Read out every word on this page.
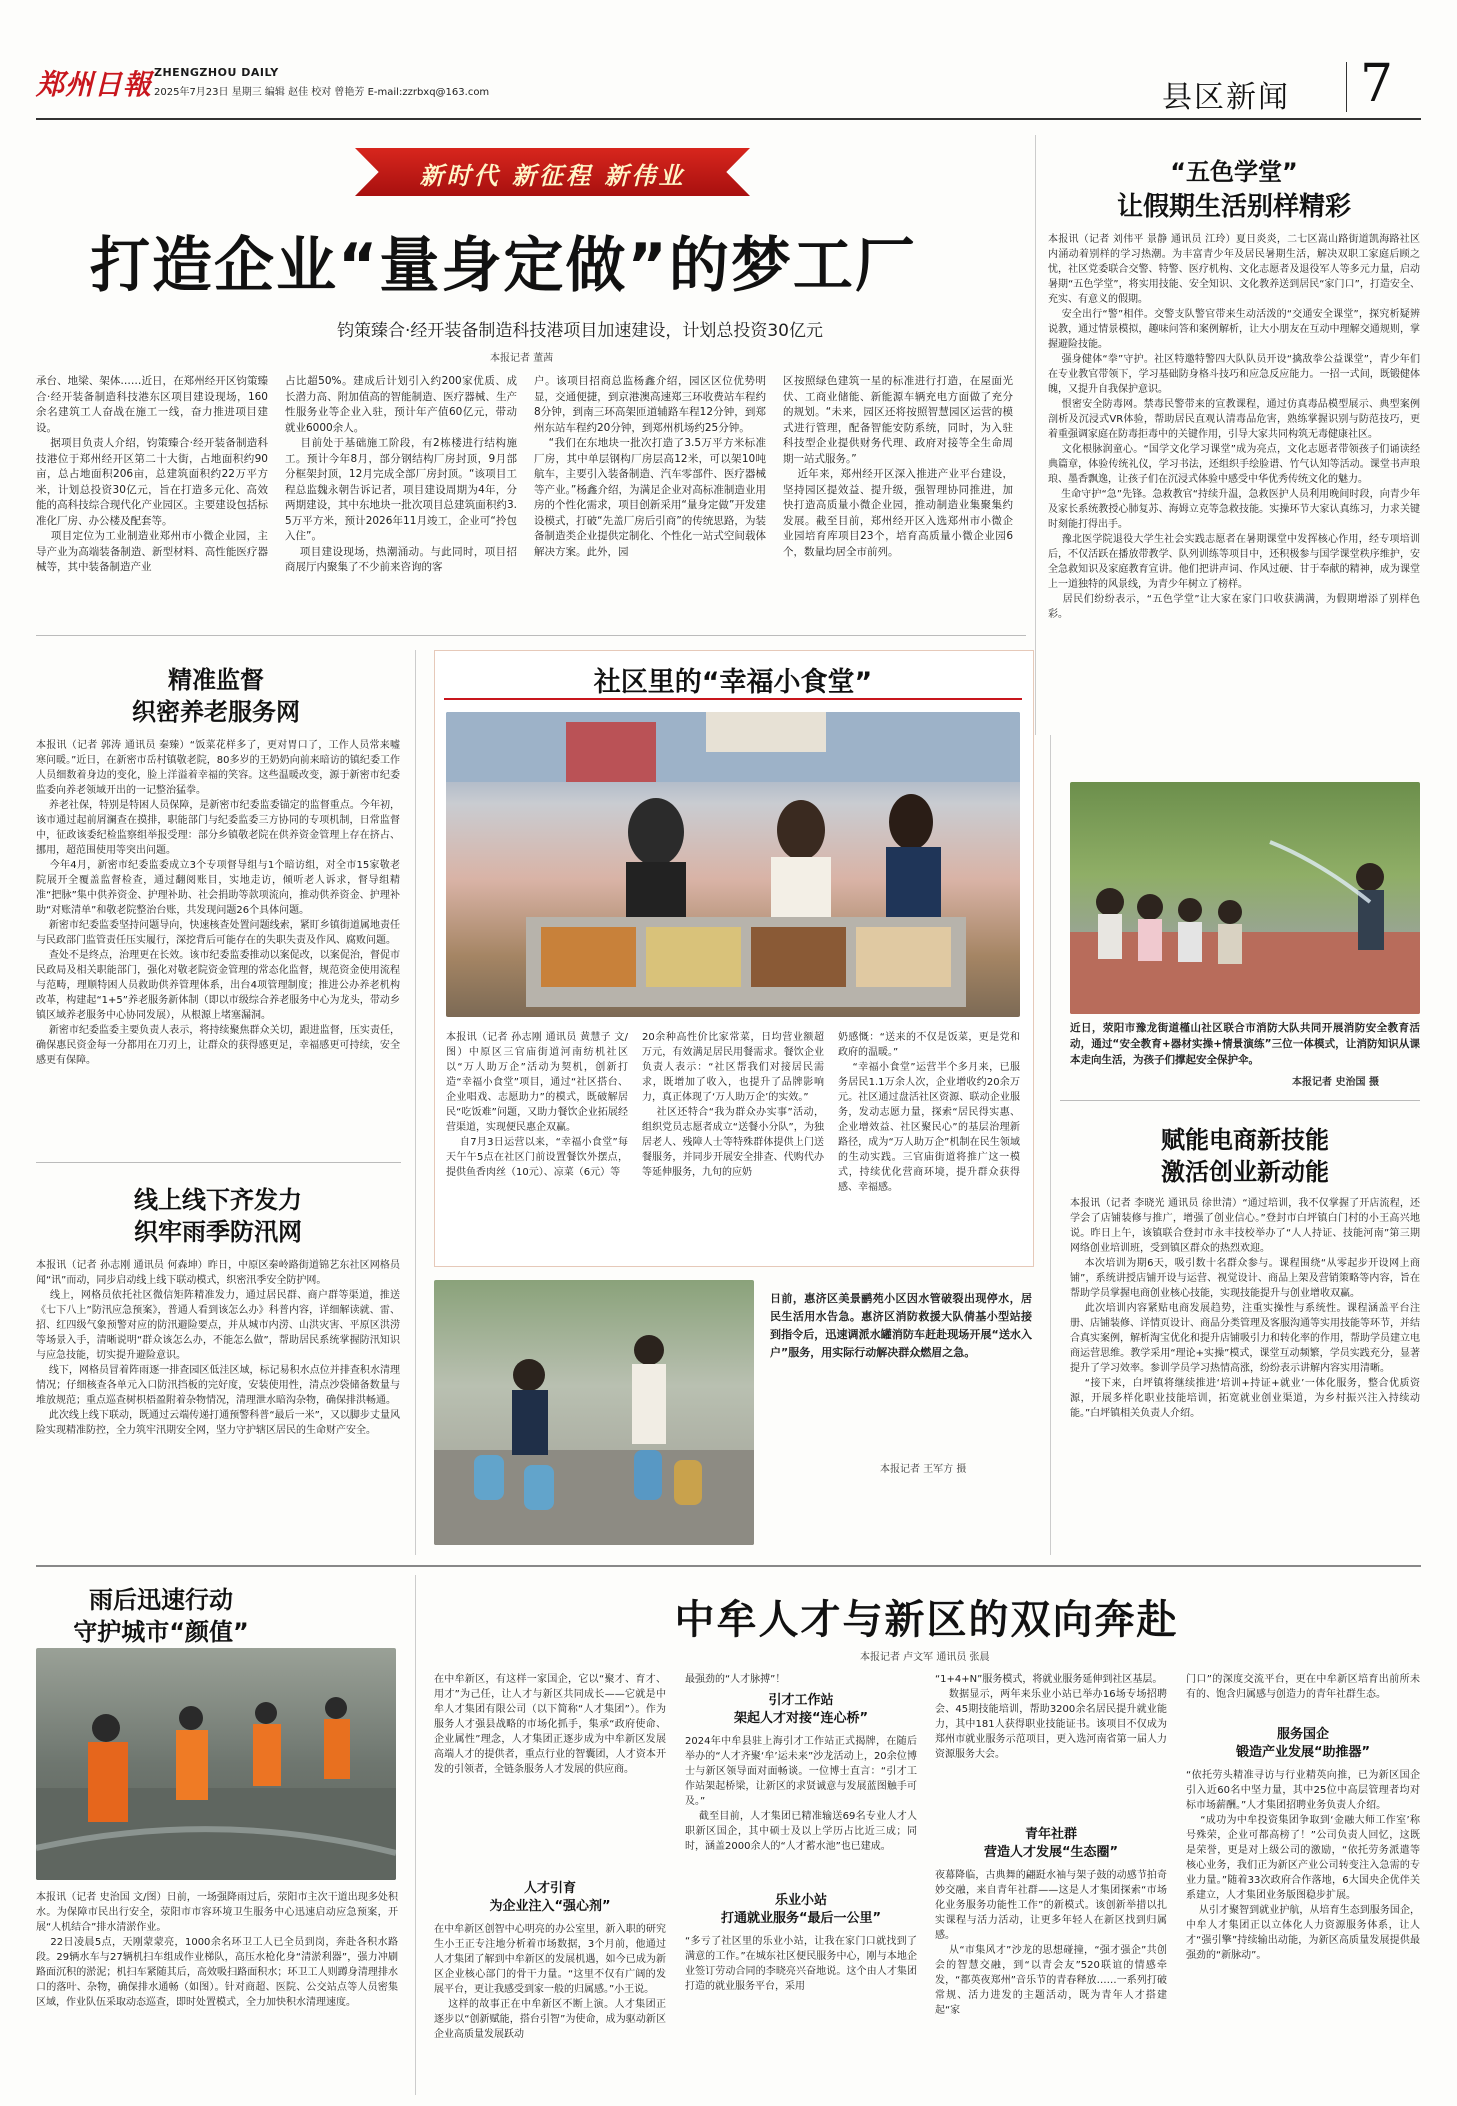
郑州日報 ZHENGZHOU DAILY
2025年7月23日 星期三 编辑 赵佳 校对 曾艳芳 E-mail:zzrbxq@163.com	县区新闻 7
新时代 新征程 新伟业
打造企业“量身定做”的梦工厂
钧策臻合·经开装备制造科技港项目加速建设，计划总投资30亿元
本报记者 董茜
承台、地梁、架体……近日，在郑州经开区钧策臻合·经开装备制造科技港东区项目建设现场，160余名建筑工人奋战在施工一线，奋力推进项目建设。
据项目负责人介绍，钧策臻合·经开装备制造科技港位于郑州经开区第二十大街，占地面积约90亩，总占地面积206亩，总建筑面积约22万平方米，计划总投资30亿元，旨在打造多元化、高效能的高科技综合现代化产业园区。主要建设包括标准化厂房、办公楼及配套等。
项目定位为工业制造业郑州市小微企业园，主导产业为高端装备制造、新型材料、高性能医疗器械等，其中装备制造产业
占比超50%。建成后计划引入约200家优质、成长潜力高、附加值高的智能制造、医疗器械、生产性服务业等企业入驻，预计年产值60亿元，带动就业6000余人。
目前处于基础施工阶段，有2栋楼进行结构施工。预计今年8月，部分钢结构厂房封顶，9月部分框架封顶，12月完成全部厂房封顶。“该项目工程总监魏永朝告诉记者，项目建设周期为4年，分两期建设，其中东地块一批次项目总建筑面积约3.5万平方米，预计2026年11月竣工，企业可“拎包入住”。
项目建设现场，热潮涌动。与此同时，项目招商展厅内聚集了不少前来咨询的客
户。该项目招商总监杨鑫介绍，园区区位优势明显，交通便捷，到京港澳高速郑三环收费站车程约8分钟，到南三环高架匝道辅路车程12分钟，到郑州东站车程约20分钟，到郑州机场约25分钟。
“我们在东地块一批次打造了3.5万平方米标准厂房，其中单层钢构厂房层高12米，可以架10吨航车，主要引入装备制造、汽车零部件、医疗器械等产业。”杨鑫介绍，为满足企业对高标准制造业用房的个性化需求，项目创新采用“量身定做”开发建设模式，打破“先盖厂房后引商”的传统思路，为装备制造类企业提供定制化、个性化一站式空间载体解决方案。此外，园
区按照绿色建筑一星的标准进行打造，在屋面光伏、工商业储能、新能源车辆充电方面做了充分的规划。“未来，园区还将按照智慧园区运营的模式进行管理，配备智能安防系统，同时，为入驻科技型企业提供财务代理、政府对接等全生命周期一站式服务。”
近年来，郑州经开区深入推进产业平台建设，坚持园区提效益、提升级，强智理协同推进，加快打造高质量小微企业园，推动制造业集聚集约发展。截至目前，郑州经开区入选郑州市小微企业园培育库项目23个，培育高质量小微企业园6个，数量均居全市前列。
“五色学堂”
让假期生活别样精彩
本报讯（记者 刘伟平 景静 通讯员 江玲）夏日炎炎，二七区嵩山路街道凯海路社区内涌动着别样的学习热潮。为丰富青少年及居民暑期生活，解决双职工家庭后顾之忧，社区党委联合交警、特警、医疗机构、文化志愿者及退役军人等多元力量，启动暑期“五色学堂”，将实用技能、安全知识、文化教养送到居民“家门口”，打造安全、充实、有意义的假期。
安全出行“警”相伴。交警支队警官带来生动活泼的“交通安全课堂”，探究析疑辨说教，通过情景模拟，趣味问答和案例解析，让大小朋友在互动中理解交通规则，掌握避险技能。
强身健体“拳”守护。社区特邀特警四大队队员开设“擒敌拳公益课堂”，青少年们在专业教官带领下，学习基础防身格斗技巧和应急反应能力。一招一式间，既锻健体魄，又提升自我保护意识。
恨密安全防毒网。禁毒民警带来的宣教课程，通过仿真毒品模型展示、典型案例剖析及沉浸式VR体验，帮助居民直观认清毒品危害，熟练掌握识别与防范技巧，更着重强调家庭在防毒拒毒中的关键作用，引导大家共同构筑无毒健康社区。
文化根脉润童心。“国学文化学习课堂”成为亮点，文化志愿者带领孩子们诵读经典篇章，体验传统礼仪，学习书法，还组织手绘脸谱、竹气认知等活动。课堂书声琅琅、墨香飘逸，让孩子们在沉浸式体验中感受中华优秀传统文化的魅力。
生命守护“急”先锋。急救教官“持续升温，急救医护人员利用晚间时段，向青少年及家长系统教授心肺复苏、海姆立克等急救技能。实操环节大家认真练习，力求关键时刻能打得出手。
豫北医学院退役大学生社会实践志愿者在暑期课堂中发挥核心作用，经专项培训后，不仅活跃在播放带教学、队列训练等项目中，还积极参与国学课堂秩序维护，安全急救知识及家庭教育宣讲。他们把讲声词、作风过硬、甘于奉献的精神，成为课堂上一道独特的风景线，为青少年树立了榜样。
居民们纷纷表示，“五色学堂”让大家在家门口收获满满，为假期增添了别样色彩。
精准监督
织密养老服务网
本报讯（记者 郭涛 通讯员 秦臻）“饭菜花样多了，更对胃口了，工作人员常来嘘寒问暖。”近日，在新密市岳村镇敬老院，80多岁的王奶奶向前来暗访的镇纪委工作人员细数着身边的变化，脸上洋溢着幸福的笑容。这些温暖改变，源于新密市纪委监委向养老领域开出的一记整治猛拳。
养老社保，特别是特困人员保障，是新密市纪委监委锚定的监督重点。今年初，该市通过起前屑澜查在摸排，职能部门与纪委监委三方协同的专项机制，日常监督中，征政该委纪检监察组举报受理：部分乡镇敬老院在供养资金管理上存在挤占、挪用，超范围使用等突出问题。
今年4月，新密市纪委监委成立3个专项督导组与1个暗访组，对全市15家敬老院展开全覆盖监督检查，通过翻阅账目，实地走访，倾听老人诉求，督导组精准“把脉”集中供养资金、护理补助、社会捐助等款项流向，推动供养资金、护理补助“对账清单”和敬老院整治台账，共发现问题26个具体问题。
新密市纪委监委坚持问题导向，快速核查处置问题线索，紧盯乡镇街道属地责任与民政部门监管责任压实履行，深挖背后可能存在的失职失责及作风、腐败问题。
查处不是终点，治理更在长效。该市纪委监委推动以案促改，以案促治，督促市民政局及相关职能部门，强化对敬老院资金管理的常态化监督，规范资金使用流程与范畴，理顺特困人员救助供养管理体系，出台4项管理制度；推进公办养老机构改革，构建起“1+5”养老服务新体制（即以市级综合养老服务中心为龙头，带动乡镇区域养老服务中心协同发展），从根源上堵塞漏洞。
新密市纪委监委主要负责人表示，将持续聚焦群众关切，跟进监督，压实责任，确保惠民资金每一分都用在刀刃上，让群众的获得感更足，幸福感更可持续，安全感更有保障。
社区里的“幸福小食堂”
本报讯（记者 孙志刚 通讯员 黄慧子 文/图）中原区三官庙街道河南纺机社区以“万人助万企”活动为契机，创新打造“幸福小食堂”项目，通过“社区搭台、企业唱戏、志愿助力”的模式，既破解居民“吃饭难”问题，又助力餐饮企业拓展经营渠道，实现便民惠企双赢。
自7月3日运营以来，“幸福小食堂”每天午午5点在社区门前设置餐饮外摆点，提供鱼香肉丝（10元）、凉菜（6元）等
20余种高性价比家常菜，日均营业额超万元，有效满足居民用餐需求。餐饮企业负责人表示：“社区帮我们对接居民需求，既增加了收入，也提升了品牌影响力，真正体现了‘万人助万企’的实效。”
社区还特合“我为群众办实事”活动，组织党员志愿者成立“送餐小分队”，为独居老人、残障人士等特殊群体提供上门送餐服务，并同步开展安全排查、代购代办等延伸服务，九旬的应奶
奶感慨：“送来的不仅是饭菜，更是党和政府的温暖。”
“幸福小食堂”运营半个多月来，已服务居民1.1万余人次，企业增收约20余万元。社区通过盘活社区资源、联动企业服务，发动志愿力量，探索“居民得实惠、企业增效益、社区聚民心”的基层治理新路径，成为“万人助万企”机制在民生领域的生动实践。三官庙街道将推广这一模式，持续优化营商环境，提升群众获得感、幸福感。
近日，荥阳市豫龙街道槿山社区联合市消防大队共同开展消防安全教育活动，通过“安全教育+器材实操+情景演练”三位一体模式，让消防知识从课本走向生活，为孩子们撑起安全保护伞。
本报记者 史治国 摄
赋能电商新技能
激活创业新动能
本报讯（记者 李晓光 通讯员 徐世清）“通过培训，我不仅掌握了开店流程，还学会了店铺装修与推广，增强了创业信心。”登封市白坪镇白门村的小王高兴地说。昨日上午，该镇联合登封市永丰技校举办了“人人持证、技能河南”第三期网络创业培训班，受到镇区群众的热烈欢迎。
本次培训为期6天，吸引数十名群众参与。课程围绕“从零起步开设网上商铺”，系统讲授店铺开设与运营、视觉设计、商品上架及营销策略等内容，旨在帮助学员掌握电商创业核心技能，实现技能提升与创业增收双赢。
此次培训内容紧贴电商发展趋势，注重实操性与系统性。课程涵盖平台注册、店铺装修、详情页设计、商品分类管理及客服沟通等实用技能等环节，并结合真实案例，解析淘宝优化和提升店铺吸引力和转化率的作用，帮助学员建立电商运营思维。教学采用“理论+实操”模式，课堂互动频繁，学员实践充分，显著提升了学习效率。参训学员学习热情高涨，纷纷表示讲解内容实用清晰。
“接下来，白坪镇将继续推进‘培训+持证+就业’一体化服务，整合优质资源，开展多样化职业技能培训，拓宽就业创业渠道，为乡村振兴注入持续动能。”白坪镇相关负责人介绍。
线上线下齐发力
织牢雨季防汛网
本报讯（记者 孙志刚 通讯员 何森坤）昨日，中原区秦岭路街道锦艺东社区网格员闻“讯”而动，同步启动线上线下联动模式，织密汛季安全防护网。
线上，网格员依托社区微信矩阵精准发力，通过居民群、商户群等渠道，推送《七下八上”防汛应急预案》，普通人看到该怎么办》科普内容，详细解读就、雷、招、红四级气象预警对应的防汛避险要点，并从城市内涝、山洪灾害、平原区洪涝等场景入手，清晰说明“群众该怎么办，不能怎么做”，帮助居民系统掌握防汛知识与应急技能，切实提升避险意识。
线下，网格员冒着阵雨逐一排查园区低洼区域，标记易积水点位并排查积水清理情况；仔细核查各单元入口防汛挡板的完好度，安装使用性，清点沙袋储备数量与堆放规范；重点巡查树枳梧盈附着杂物情况，清理泄水暗沟杂物，确保排洪畅通。
此次线上线下联动，既通过云端传递打通预警科普“最后一米”，又以脚步丈量风险实现精准防控，全力筑牢汛期安全网，坚力守护辖区居民的生命财产安全。
日前，惠济区美景鹂苑小区因水管破裂出现停水，居民生活用水告急。惠济区消防救援大队倩基小型站接到指令后，迅速调派水罐消防车赶赴现场开展“送水入户”服务，用实际行动解决群众燃眉之急。
本报记者 王军方 摄
雨后迅速行动
守护城市“颜值”
本报讯（记者 史治国 文/图）日前，一场强降雨过后，荥阳市主次干道出现多处积水。为保障市民出行安全，荥阳市市容环境卫生服务中心迅速启动应急预案，开展“人机结合”排水清淤作业。
22日凌晨5点，天刚蒙蒙亮，1000余名环卫工人已全员到岗，奔赴各积水路段。29辆水车与27辆机扫车组成作业梯队，高压水枪化身“清淤利器”，强力冲刷路面沉积的淤泥；机扫车紧随其后，高效吸扫路面积水；环卫工人则蹲身清理排水口的落叶、杂物，确保排水通畅（如图）。针对商超、医院、公交站点等人员密集区域，作业队伍采取动态巡查，即时处置模式，全力加快积水清理速度。
中牟人才与新区的双向奔赴
本报记者 卢文军 通讯员 张晨
在中牟新区，有这样一家国企，它以“聚才、育才、用才”为己任，让人才与新区共同成长——它就是中牟人才集团有限公司（以下简称“人才集团”）。作为服务人才强县战略的市场化抓手，集承“政府使命、企业属性”理念，人才集团正逐步成为中牟新区发展高端人才的提供者，重点行业的智囊团，人才资本开发的引领者，全链条服务人才发展的供应商。
人才引育
为企业注入“强心剂”
在中牟新区创智中心明亮的办公室里，新入职的研究生小王正专注地分析着市场数据，3个月前，他通过人才集团了解到中牟新区的发展机遇，如今已成为新区企业核心部门的骨干力量。“这里不仅有广阔的发展平台，更让我感受到家一般的归属感。”小王说。
这样的故事正在中牟新区不断上演。人才集团正逐步以“创新赋能，搭台引智”为使命，成为驱动新区企业高质量发展跃动
最强劲的“人才脉搏”！
引才工作站
架起人才对接“连心桥”
2024年中牟县驻上海引才工作站正式揭牌，在随后举办的“人才齐聚‘牟’运未来”沙龙活动上，20余位博士与新区领导面对面畅谈。一位博士直言：“引才工作站架起桥梁，让新区的求贤诚意与发展蓝图触手可及。”
截至目前，人才集团已精准输送69名专业人才人职新区国企，其中硕士及以上学历占比近三成；同时，涵盖2000余人的“人才蓄水池”也已建成。
乐业小站
打通就业服务“最后一公里”
“多亏了社区里的乐业小站，让我在家门口就找到了满意的工作。”在城东社区便民服务中心，刚与本地企业签订劳动合同的李晓亮兴奋地说。这个由人才集团打造的就业服务平台，采用
“1+4+N”服务模式，将就业服务延伸到社区基层。
数据显示，两年来乐业小站已举办16场专场招聘会、45期技能培训，帮助3200余名居民提升就业能力，其中181人获得职业技能证书。该项目不仅成为郑州市就业服务示范项目，更入选河南省第一届人力资源服务大会。
青年社群
营造人才发展“生态圈”
夜幕降临，古典舞的翩跹水袖与架子鼓的动感节拍奇妙交融，来自青年社群——这是人才集团探索“市场化业务服务功能性工作”的新模式。该创新举措以扎实课程与活力活动，让更多年轻人在新区找到归属感。
从“市集风才”沙龙的思想碰撞，“强才强企”共创会的智慧交融，到“以青会友”520联谊的情感牵发，“都英夜郑州”音乐节的青春释放……一系列打破常规、活力进发的主题活动，既为青年人才搭建起“家
门口”的深度交流平台，更在中牟新区培育出前所未有的、饱含归属感与创造力的青年社群生态。
服务国企
锻造产业发展“助推器”
“依托劳头精准寻访与行业精英向推，已为新区国企引入近60名中坚力量，其中25位中高层管理者均对标市场薪酬。”人才集团招聘业务负责人介绍。
“成功为中牟投资集团争取到‘金融大师工作室’称号殊荣，企业可都高榜了！”公司负责人回忆，这既是荣誉，更是对上级公司的激励，“依托劳务派遣等核心业务，我们正为新区产业公司转变注入急需的专业力量。”随着33次政府合作落地，6大国央企优伴关系建立，人才集团业务版图稳步扩展。
从引才聚智到就业护航，从培育生态到服务国企，中牟人才集团正以立体化人力资源服务体系，让人才“强引擎”持续输出动能，为新区高质量发展提供最强劲的“新脉动”。
